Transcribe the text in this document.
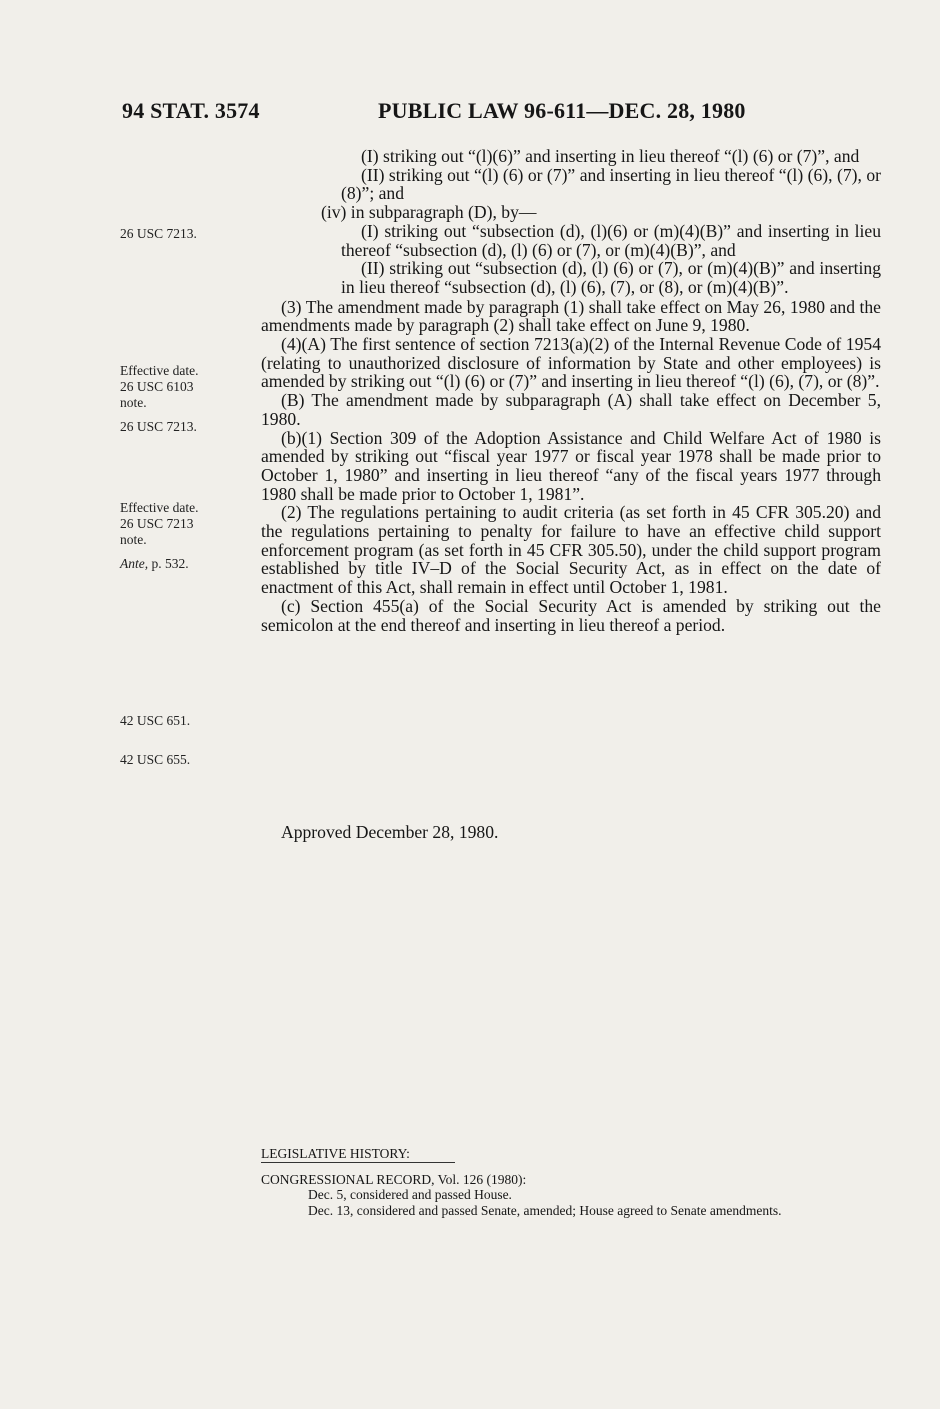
94 STAT. 3574	PUBLIC LAW 96-611—DEC. 28, 1980
26 USC 7213.
Effective date.
26 USC 6103
note.
26 USC 7213.
Effective date.
26 USC 7213
note.
Ante, p. 532.
42 USC 651.
42 USC 655.

(I) striking out “(l)(6)” and inserting in lieu thereof “(l) (6) or (7)”, and

(II) striking out “(l) (6) or (7)” and inserting in lieu thereof “(l) (6), (7), or (8)”; and

(iv) in subparagraph (D), by—

(I) striking out “subsection (d), (l)(6) or (m)(4)(B)” and inserting in lieu thereof “subsection (d), (l) (6) or (7), or (m)(4)(B)”, and

(II) striking out “subsection (d), (l) (6) or (7), or (m)(4)(B)” and inserting in lieu thereof “subsection (d), (l) (6), (7), or (8), or (m)(4)(B)”.

(3) The amendment made by paragraph (1) shall take effect on May 26, 1980 and the amendments made by paragraph (2) shall take effect on June 9, 1980.

(4)(A) The first sentence of section 7213(a)(2) of the Internal Revenue Code of 1954 (relating to unauthorized disclosure of information by State and other employees) is amended by striking out “(l) (6) or (7)” and inserting in lieu thereof “(l) (6), (7), or (8)”.

(B) The amendment made by subparagraph (A) shall take effect on December 5, 1980.

(b)(1) Section 309 of the Adoption Assistance and Child Welfare Act of 1980 is amended by striking out “fiscal year 1977 or fiscal year 1978 shall be made prior to October 1, 1980” and inserting in lieu thereof “any of the fiscal years 1977 through 1980 shall be made prior to October 1, 1981”.

(2) The regulations pertaining to audit criteria (as set forth in 45 CFR 305.20) and the regulations pertaining to penalty for failure to have an effective child support enforcement program (as set forth in 45 CFR 305.50), under the child support program established by title IV–D of the Social Security Act, as in effect on the date of enactment of this Act, shall remain in effect until October 1, 1981.

(c) Section 455(a) of the Social Security Act is amended by striking out the semicolon at the end thereof and inserting in lieu thereof a period.

Approved December 28, 1980.
LEGISLATIVE HISTORY:
CONGRESSIONAL RECORD, Vol. 126 (1980):
Dec. 5, considered and passed House.
Dec. 13, considered and passed Senate, amended; House agreed to Senate amendments.
